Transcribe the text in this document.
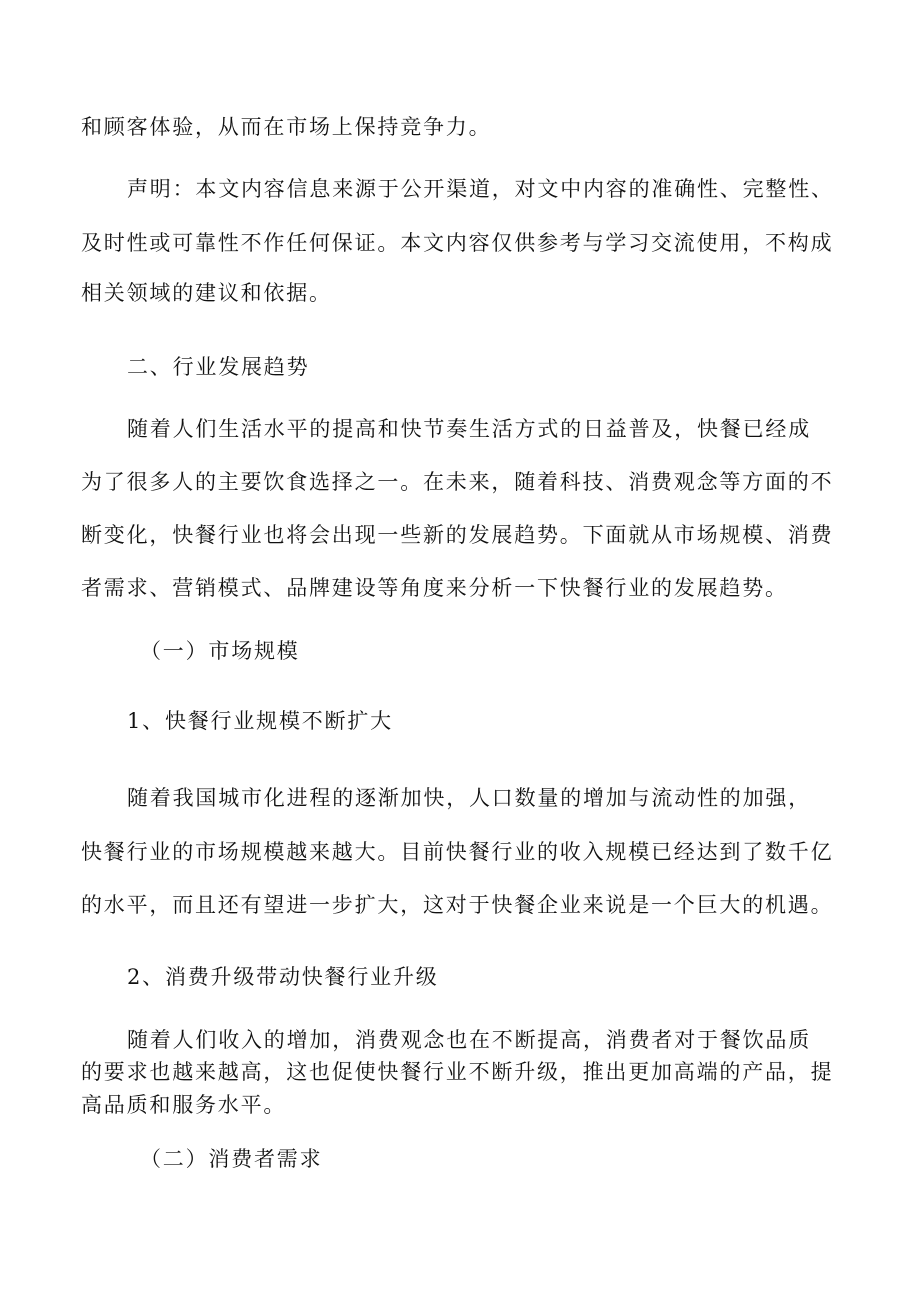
和顾客体验，从而在市场上保持竞争力。
声明：本文内容信息来源于公开渠道，对文中内容的准确性、完整性、
及时性或可靠性不作任何保证。本文内容仅供参考与学习交流使用，不构成
相关领域的建议和依据。
二、行业发展趋势
随着人们生活水平的提高和快节奏生活方式的日益普及，快餐已经成
为了很多人的主要饮食选择之一。在未来，随着科技、消费观念等方面的不
断变化，快餐行业也将会出现一些新的发展趋势。下面就从市场规模、消费
者需求、营销模式、品牌建设等角度来分析一下快餐行业的发展趋势。
（一）市场规模
1、快餐行业规模不断扩大
随着我国城市化进程的逐渐加快，人口数量的增加与流动性的加强，
快餐行业的市场规模越来越大。目前快餐行业的收入规模已经达到了数千亿
的水平，而且还有望进一步扩大，这对于快餐企业来说是一个巨大的机遇。
2、消费升级带动快餐行业升级
随着人们收入的增加，消费观念也在不断提高，消费者对于餐饮品质
的要求也越来越高，这也促使快餐行业不断升级，推出更加高端的产品，提
高品质和服务水平。
（二）消费者需求
